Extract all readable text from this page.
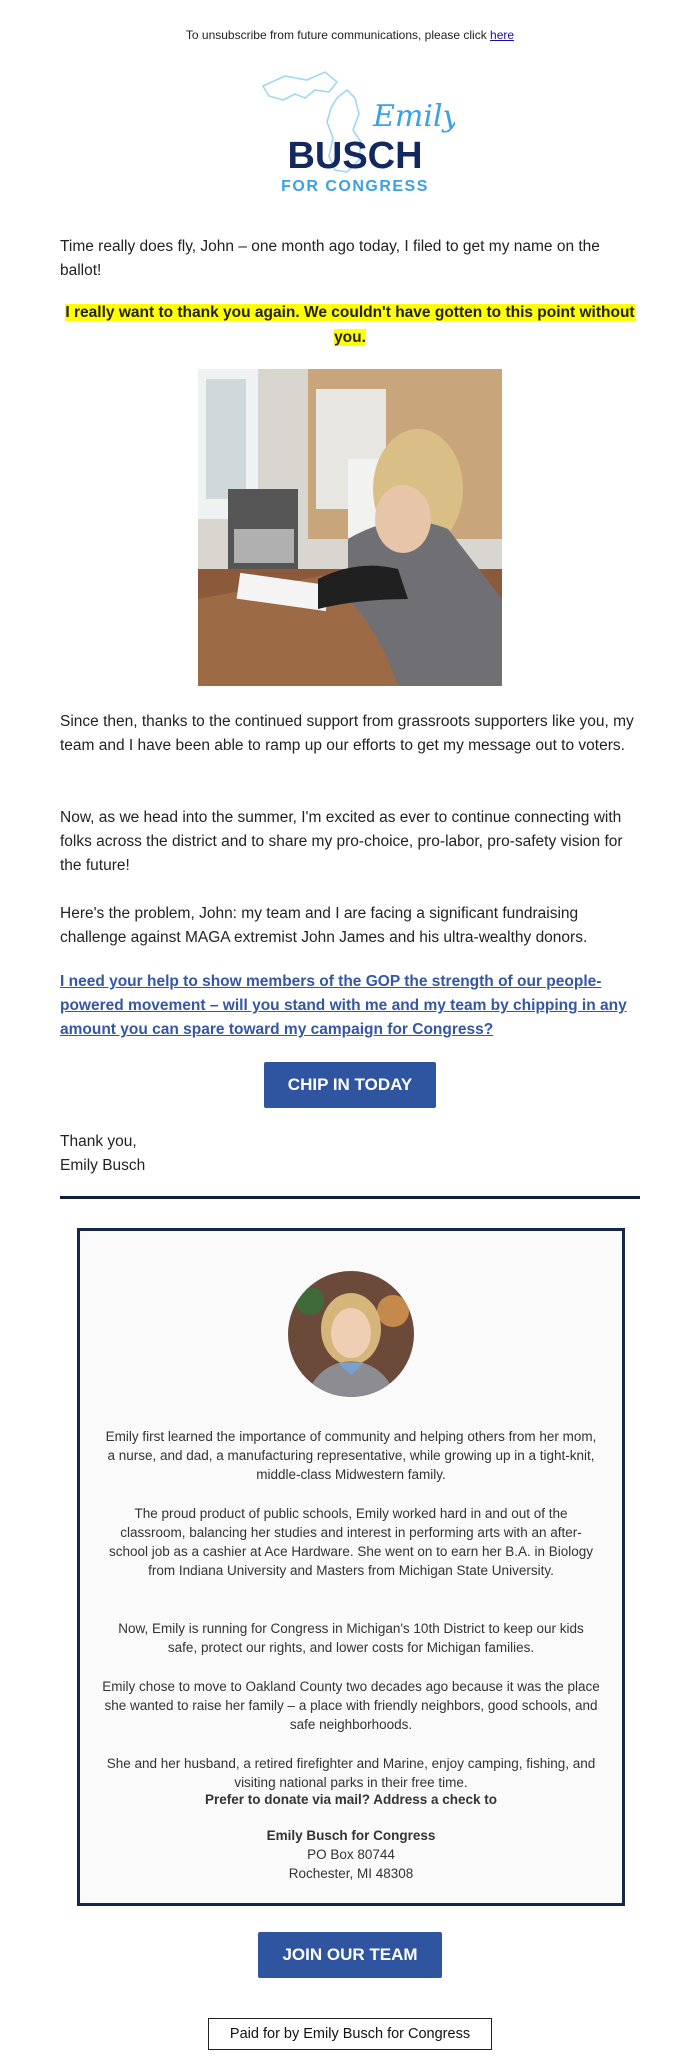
To unsubscribe from future communications, please click here
Emily
BUSCH
FOR CONGRESS
Time really does fly, John – one month ago today, I filed to get my name on the ballot!
I really want to thank you again. We couldn't have gotten to this point without you.
Since then, thanks to the continued support from grassroots supporters like you, my team and I have been able to ramp up our efforts to get my message out to voters.
Now, as we head into the summer, I'm excited as ever to continue connecting with folks across the district and to share my pro-choice, pro-labor, pro-safety vision for the future!
Here's the problem, John: my team and I are facing a significant fundraising challenge against MAGA extremist John James and his ultra-wealthy donors.
I need your help to show members of the GOP the strength of our people-powered movement – will you stand with me and my team by chipping in any amount you can spare toward my campaign for Congress?
CHIP IN TODAY
Thank you,
Emily Busch
Emily first learned the importance of community and helping others from her mom, a nurse, and dad, a manufacturing representative, while growing up in a tight-knit, middle-class Midwestern family.
The proud product of public schools, Emily worked hard in and out of the classroom, balancing her studies and interest in performing arts with an after-school job as a cashier at Ace Hardware. She went on to earn her B.A. in Biology from Indiana University and Masters from Michigan State University.
Now, Emily is running for Congress in Michigan's 10th District to keep our kids safe, protect our rights, and lower costs for Michigan families.
Emily chose to move to Oakland County two decades ago because it was the place she wanted to raise her family – a place with friendly neighbors, good schools, and safe neighborhoods.
She and her husband, a retired firefighter and Marine, enjoy camping, fishing, and visiting national parks in their free time.
Prefer to donate via mail? Address a check to
Emily Busch for Congress
PO Box 80744
Rochester, MI 48308
JOIN OUR TEAM
Paid for by Emily Busch for Congress
